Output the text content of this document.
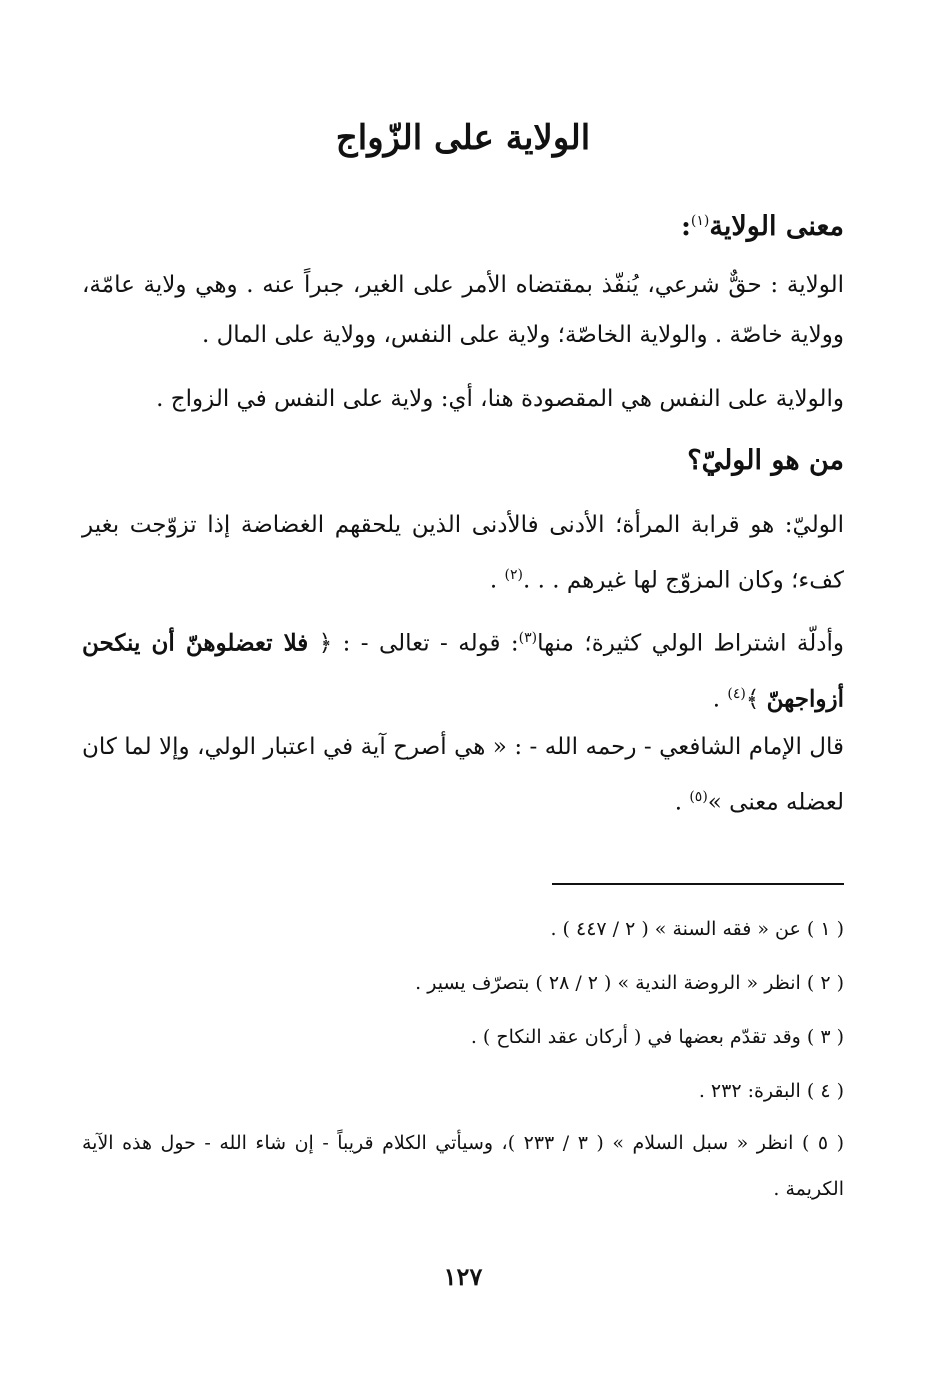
الولاية على الزّواج
معنى الولاية$^{(١)}$:

الولاية : حقٌّ شرعي، يُنفّذ بمقتضاه الأمر على الغير، جبراً عنه . وهي ولاية عامّة، وولاية خاصّة . والولاية الخاصّة؛ ولاية على النفس، وولاية على المال .

والولاية على النفس هي المقصودة هنا، أي: ولاية على النفس في الزواج .

من هو الوليّ؟

الوليّ: هو قرابة المرأة؛ الأدنى فالأدنى الذين يلحقهم الغضاضة إذا تزوّجت بغير كفء؛ وكان المزوّج لها غيرهم . . .$^{(٢)}$ .

وأدلّة اشتراط الولي كثيرة؛ منها$^{(٣)}$: قوله - تعالى - : ﴿ فلا تعضلوهنّ أن ينكحن أزواجهنّ ﴾$^{(٤)}$ .

قال الإمام الشافعي - رحمه الله - : « هي أصرح آية في اعتبار الولي، وإلا لما كان لعضله معنى »$^{(٥)}$ .

( ١ ) عن « فقه السنة » ( ٢ / ٤٤٧ ) .

( ٢ ) انظر « الروضة الندية » ( ٢ / ٢٨ ) بتصرّف يسير .

( ٣ ) وقد تقدّم بعضها في ( أركان عقد النكاح ) .

( ٤ ) البقرة: ٢٣٢ .

( ٥ ) انظر « سبل السلام » ( ٣ / ٢٣٣ )، وسيأتي الكلام قريباً - إن شاء الله - حول هذه الآية الكريمة .

١٢٧
